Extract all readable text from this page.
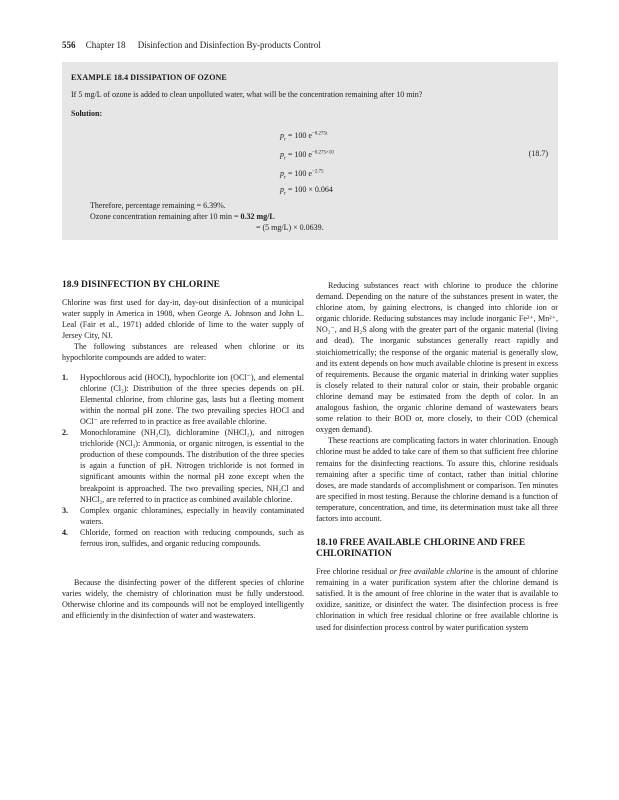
556 Chapter 18 Disinfection and Disinfection By-products Control
EXAMPLE 18.4 DISSIPATION OF OZONE
If 5 mg/L of ozone is added to clean unpolluted water, what will be the concentration remaining after 10 min?
Solution:
$p_r = 100$ $e^{-0.275t}$
$p_r = 100$ $e^{-0.275\times 10}$
$p_r = 100$ $e^{-2.75}$
$p_r = 100 \times 0.064$
(18.7)
Therefore, percentage remaining = 6.39%.
Ozone concentration remaining after 10 min = 0.32 mg/L
= (5 mg/L) × 0.0639.
18.9 DISINFECTION BY CHLORINE

Chlorine was first used for day-in, day-out disinfection of a municipal water supply in America in 1908, when George A. Johnson and John L. Leal (Fair et al., 1971) added chloride of lime to the water supply of Jersey City, NJ.

The following substances are released when chlorine or its hypochlorite compounds are added to water:

1. Hypochlorous acid (HOCl), hypochlorite ion (OCl⁻), and elemental chlorine (Cl₂): Distribution of the three species depends on pH. Elemental chlorine, from chlorine gas, lasts but a fleeting moment within the normal pH zone. The two prevailing species HOCl and OCl⁻ are referred to in practice as free available chlorine.
2. Monochloramine (NH₂Cl), dichloramine (NHCl₂), and nitrogen trichloride (NCl₃): Ammonia, or organic nitrogen, is essential to the production of these compounds. The distribution of the three species is again a function of pH. Nitrogen trichloride is not formed in significant amounts within the normal pH zone except when the breakpoint is approached. The two prevailing species, NH₂Cl and NHCl₂, are referred to in practice as combined available chlorine.
3. Complex organic chloramines, especially in heavily contaminated waters.
4. Chloride, formed on reaction with reducing compounds, such as ferrous iron, sulfides, and organic reducing compounds.

Because the disinfecting power of the different species of chlorine varies widely, the chemistry of chlorination must be fully understood. Otherwise chlorine and its compounds will not be employed intelligently and efficiently in the disinfection of water and wastewaters.

Reducing substances react with chlorine to produce the chlorine demand. Depending on the nature of the substances present in water, the chlorine atom, by gaining electrons, is changed into chloride ion or organic chloride. Reducing substances may include inorganic Fe²⁺, Mn²⁺, NO₂⁻, and H₂S along with the greater part of the organic material (living and dead). The inorganic substances generally react rapidly and stoichiometrically; the response of the organic material is generally slow, and its extent depends on how much available chlorine is present in excess of requirements. Because the organic material in drinking water supplies is closely related to their natural color or stain, their probable organic chlorine demand may be estimated from the depth of color. In an analogous fashion, the organic chlorine demand of wastewaters bears some relation to their BOD or, more closely, to their COD (chemical oxygen demand).

These reactions are complicating factors in water chlorination. Enough chlorine must be added to take care of them so that sufficient free chlorine remains for the disinfecting reactions. To assure this, chlorine residuals remaining after a specific time of contact, rather than initial chlorine doses, are made standards of accomplishment or comparison. Ten minutes are specified in most testing. Because the chlorine demand is a function of temperature, concentration, and time, its determination must take all three factors into account.

18.10 FREE AVAILABLE CHLORINE AND FREE CHLORINATION

Free chlorine residual or free available chlorine is the amount of chlorine remaining in a water purification system after the chlorine demand is satisfied. It is the amount of free chlorine in the water that is available to oxidize, sanitize, or disinfect the water. The disinfection process is free chlorination in which free residual chlorine or free available chlorine is used for disinfection process control by water purification system
